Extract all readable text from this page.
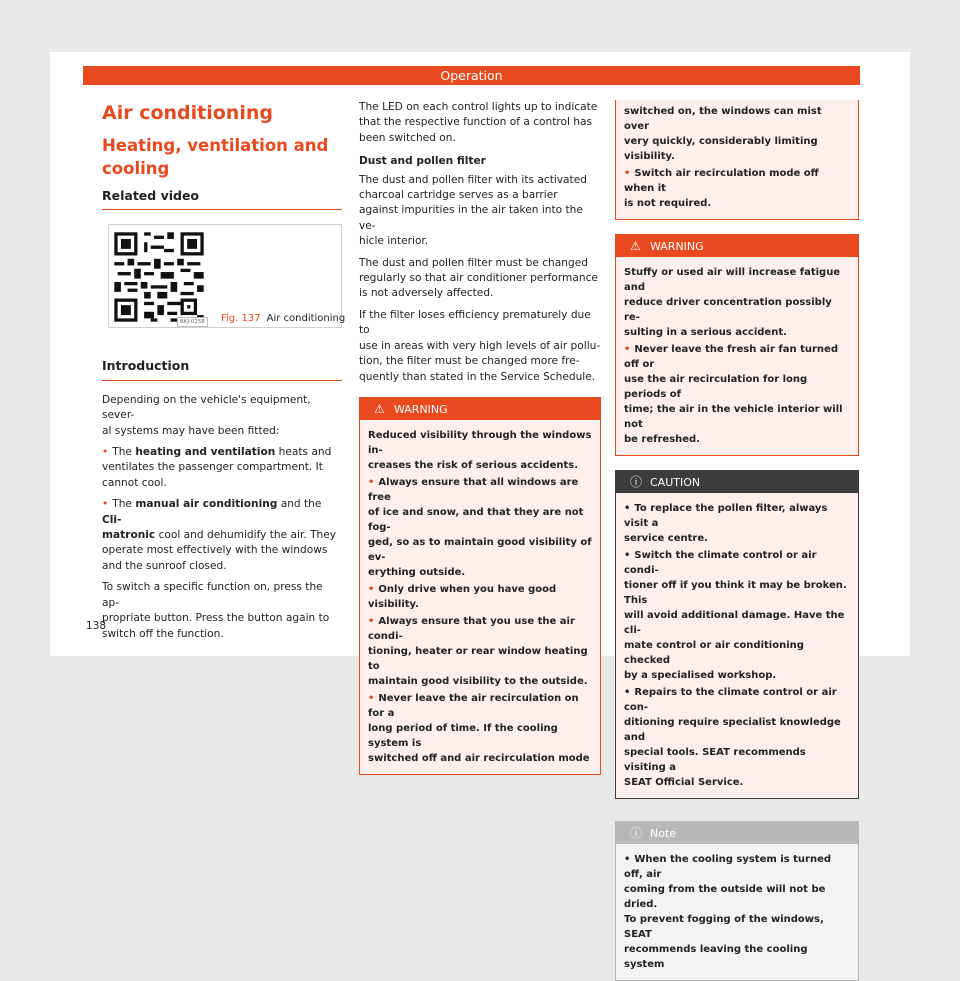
Operation
Air conditioning
Heating, ventilation and
cooling
Related video
BKJ-0258	Fig. 137 Air conditioning
Introduction

Depending on the vehicle's equipment, sever-
al systems may have been fitted:

• The heating and ventilation heats and
ventilates the passenger compartment. It
cannot cool.

• The manual air conditioning and the Cli-
matronic cool and dehumidify the air. They
operate most effectively with the windows
and the sunroof closed.

To switch a specific function on, press the ap-
propriate button. Press the button again to
switch off the function.

The LED on each control lights up to indicate
that the respective function of a control has
been switched on.

Dust and pollen filter

The dust and pollen filter with its activated
charcoal cartridge serves as a barrier
against impurities in the air taken into the ve-
hicle interior.

The dust and pollen filter must be changed
regularly so that air conditioner performance
is not adversely affected.

If the filter loses efficiency prematurely due to
use in areas with very high levels of air pollu-
tion, the filter must be changed more fre-
quently than stated in the Service Schedule.

⚠ WARNING

Reduced visibility through the windows in-
creases the risk of serious accidents.

• Always ensure that all windows are free
of ice and snow, and that they are not fog-
ged, so as to maintain good visibility of ev-
erything outside.

• Only drive when you have good visibility.

• Always ensure that you use the air condi-
tioning, heater or rear window heating to
maintain good visibility to the outside.

• Never leave the air recirculation on for a
long period of time. If the cooling system is
switched off and air recirculation mode

switched on, the windows can mist over
very quickly, considerably limiting visibility.

• Switch air recirculation mode off when it
is not required.

⚠ WARNING

Stuffy or used air will increase fatigue and
reduce driver concentration possibly re-
sulting in a serious accident.

• Never leave the fresh air fan turned off or
use the air recirculation for long periods of
time; the air in the vehicle interior will not
be refreshed.

ⓘ CAUTION

• To replace the pollen filter, always visit a
service centre.

• Switch the climate control or air condi-
tioner off if you think it may be broken. This
will avoid additional damage. Have the cli-
mate control or air conditioning checked
by a specialised workshop.

• Repairs to the climate control or air con-
ditioning require specialist knowledge and
special tools. SEAT recommends visiting a
SEAT Official Service.

ⓘ Note

• When the cooling system is turned off, air
coming from the outside will not be dried.
To prevent fogging of the windows, SEAT
recommends leaving the cooling system

138
